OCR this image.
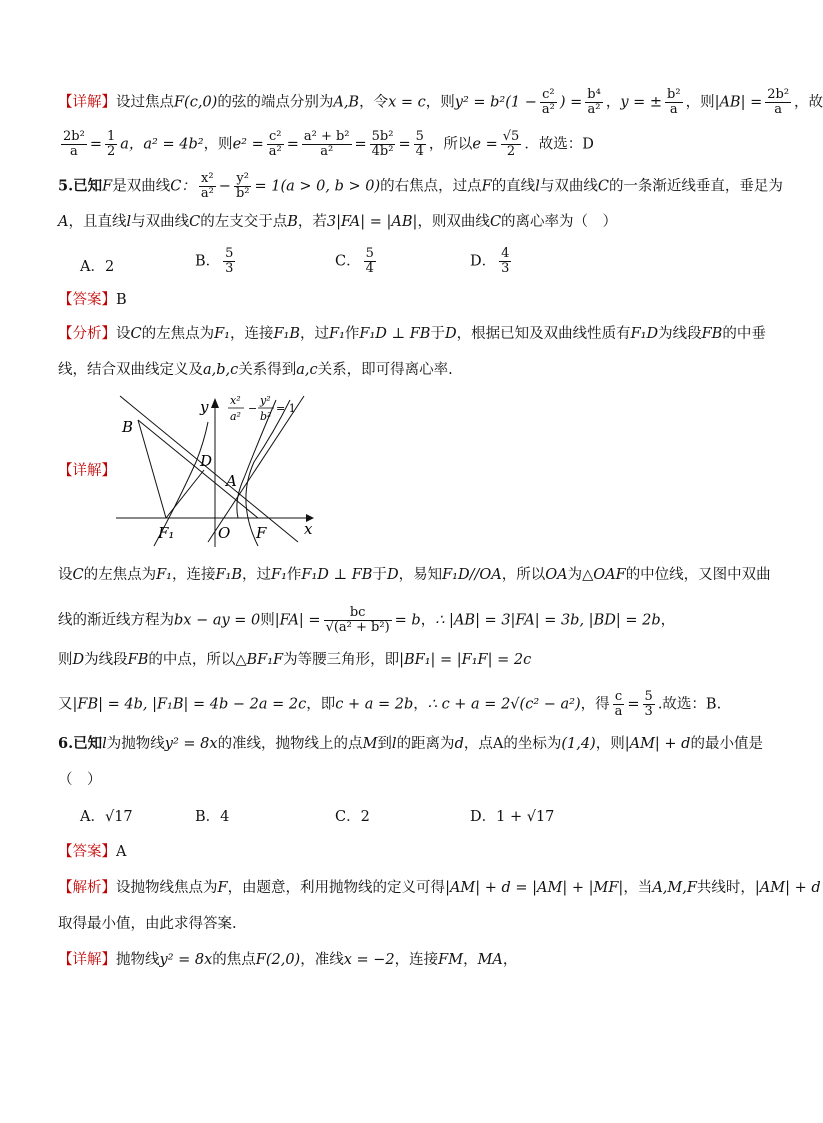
【详解】设过焦点F(c,0)的弦的端点分别为A,B，令x = c，则$y^2 = b^2(1 - \frac{\text{c²}}{\text{a²}}$ ) = $\frac{\text{b⁴}}{\text{a²}}$ ，y = ± $\frac{\text{b²}}{a}$ ，则$|AB| = \frac{\text{2b²}}{a}$ ，故
$\frac{\text{2b²}}{a} = \frac{1}{2}$ a，a² = 4b²，则$e^2 = \frac{\text{c²}}{\text{a²}} = \frac{\text{a² + b²}}{\text{a²}} = \frac{\text{5b²}}{\text{4b²}} = \frac{5}{4}$ ，所以$e = \frac{√5}{2}$ ．故选：D
5.已知F是双曲线C： $\frac{\text{x²}}{\text{a²}} - \frac{\text{y²}}{\text{b²}} = 1(a > 0$, b > 0)的右焦点，过点F的直线l与双曲线C的一条渐近线垂直，垂足为
A，且直线l与双曲线C的左支交于点B，若3|FA| = |AB|，则双曲线C的离心率为（　）
A．2	B． $\frac{5}{3}$	C． $\frac{5}{4}$	D． $\frac{4}{3}$
【答案】B
【分析】设C的左焦点为F₁，连接F₁B，过F₁作F₁D ⊥ FB于D，根据已知及双曲线性质有F₁D为线段FB的中垂
线，结合双曲线定义及a,b,c关系得到a,c关系，即可得离心率.
【详解】
y
x
B
D
A
F₁	O F
x²
a²
−
y²
b²
= 1
设C的左焦点为F₁，连接F₁B，过F₁作F₁D ⊥ FB于D，易知F₁D//OA，所以OA为△OAF的中位线，又图中双曲
线的渐近线方程为bx − ay = 0则$|FA| = \frac{bc}{\text{√(a² + b²)}} = b$，∴ |AB| = 3|FA| = 3b, |BD| = 2b，
则D为线段FB的中点，所以△BF₁F为等腰三角形，即|BF₁| = |F₁F| = 2c
又|FB| = 4b, |F₁B| = 4b − 2a = 2c，即c + a = 2b，∴ c + a = 2√(c² − a²)，得 $\frac{c}{a} = \frac{5}{3}$ .故选：B.
6.已知l为抛物线y² = 8x的准线，抛物线上的点M到l的距离为d，点A的坐标为(1,4)，则|AM| + d的最小值是
（　）
A．√17	B．4	C．2	D．1 + √17
【答案】A
【解析】设抛物线焦点为F，由题意，利用抛物线的定义可得|AM| + d = |AM| + |MF|，当A,M,F共线时，|AM| + d
取得最小值，由此求得答案.
【详解】抛物线y² = 8x的焦点F(2,0)，准线x = −2，连接FM，MA，
